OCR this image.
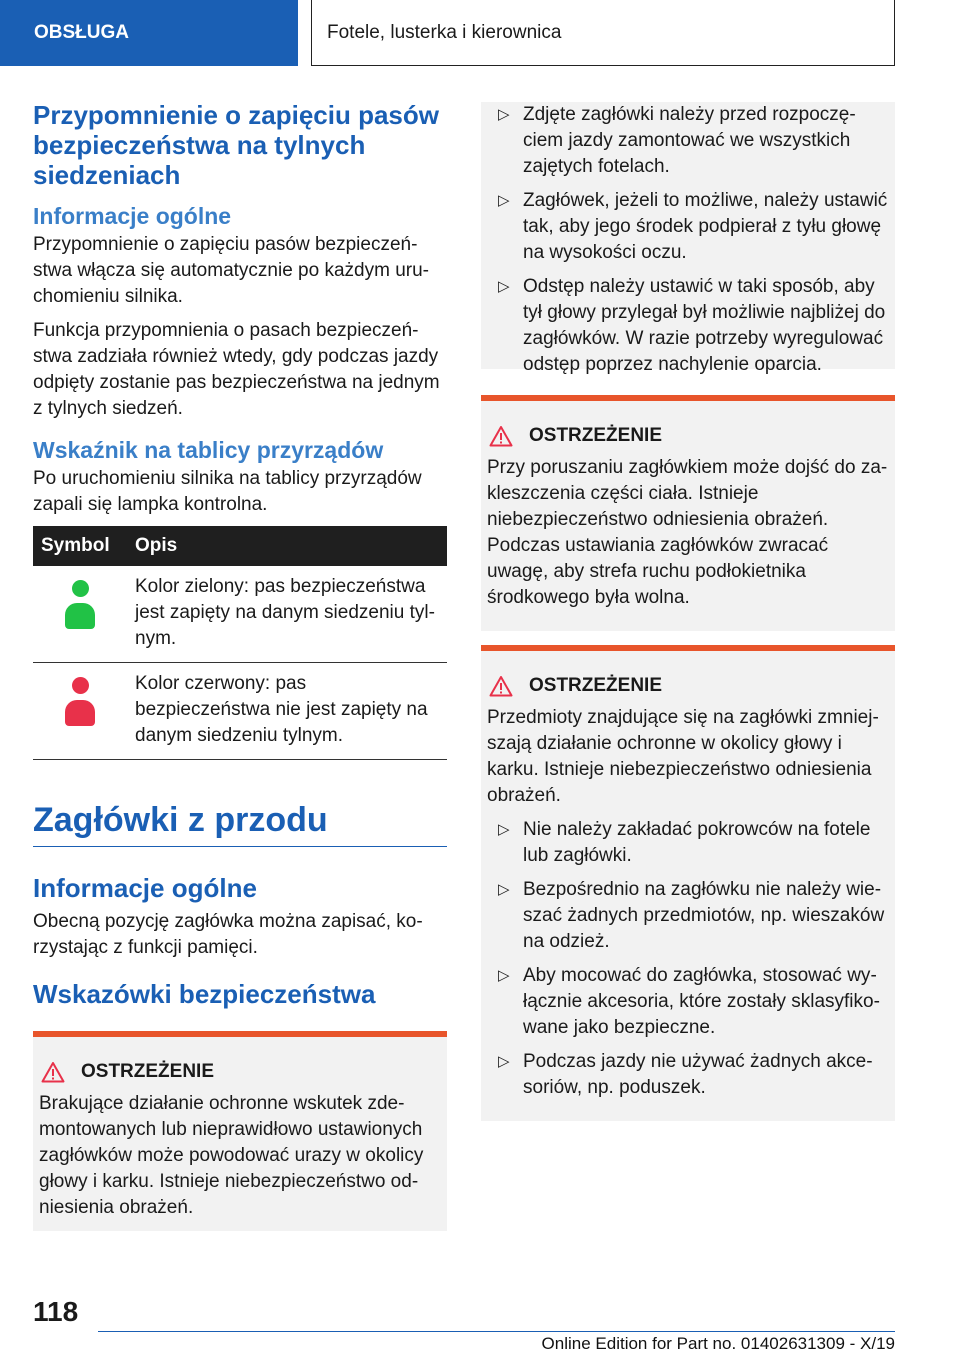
OBSŁUGA	Fotele, lusterka i kierownica
Przypomnienie o zapięciu pasów bezpieczeństwa na tylnych siedzeniach
Informacje ogólne

Przypomnienie o zapięciu pasów bezpieczeństwa włącza się automatycznie po każdym uruchomieniu silnika.

Funkcja przypomnienia o pasach bezpieczeństwa zadziała również wtedy, gdy podczas jazdy odpięty zostanie pas bezpieczeństwa na jednym z tylnych siedzeń.

Wskaźnik na tablicy przyrządów

Po uruchomieniu silnika na tablicy przyrządów zapali się lampka kontrolna.

Symbol	Opis

	Kolor zielony: pas bezpieczeństwa jest zapięty na danym siedzeniu tylnym.

	Kolor czerwony: pas bezpieczeństwa nie jest zapięty na danym siedzeniu tylnym.
Zagłówki z przodu
Informacje ogólne

Obecną pozycję zagłówka można zapisać, korzystając z funkcji pamięci.

Wskazówki bezpieczeństwa
OSTRZEŻENIE

Brakujące działanie ochronne wskutek zdemontowanych lub nieprawidłowo ustawionych zagłówków może powodować urazy w okolicy głowy i karku. Istnieje niebezpieczeństwo odniesienia obrażeń.

▷ Zdjęte zagłówki należy przed rozpoczęciem jazdy zamontować we wszystkich zajętych fotelach.
▷ Zagłówek, jeżeli to możliwe, należy ustawić tak, aby jego środek podpierał z tyłu głowę na wysokości oczu.
▷ Odstęp należy ustawić w taki sposób, aby tył głowy przylegał był możliwie najbliżej do zagłówków. W razie potrzeby wyregulować odstęp poprzez nachylenie oparcia.
OSTRZEŻENIE

Przy poruszaniu zagłówkiem może dojść do zakleszczenia części ciała. Istnieje niebezpieczeństwo odniesienia obrażeń. Podczas ustawiania zagłówków zwracać uwagę, aby strefa ruchu podłokietnika środkowego była wolna.

OSTRZEŻENIE

Przedmioty znajdujące się na zagłówki zmniejszają działanie ochronne w okolicy głowy i karku. Istnieje niebezpieczeństwo odniesienia obrażeń.

▷ Nie należy zakładać pokrowców na fotele lub zagłówki.
▷ Bezpośrednio na zagłówku nie należy wieszać żadnych przedmiotów, np. wieszaków na odzież.
▷ Aby mocować do zagłówka, stosować wyłącznie akcesoria, które zostały sklasyfikowane jako bezpieczne.
▷ Podczas jazdy nie używać żadnych akcesoriów, np. poduszek.
118
Online Edition for Part no. 01402631309 - X/19
